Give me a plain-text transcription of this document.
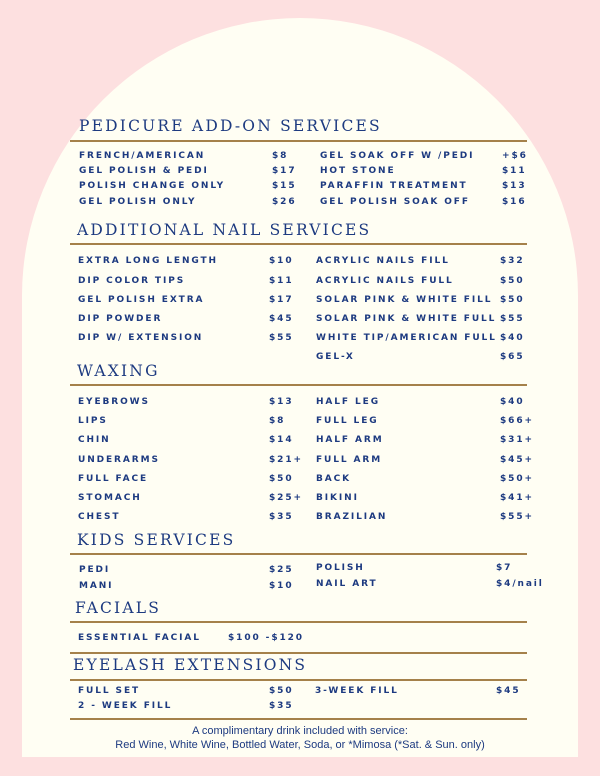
PEDICURE ADD-ON SERVICES
FRENCH/AMERICAN	$8	GEL SOAK OFF W /PEDI	+$6
GEL POLISH & PEDI	$17	HOT STONE	$11
POLISH CHANGE ONLY	$15	PARAFFIN TREATMENT	$13
GEL POLISH ONLY	$26	GEL POLISH SOAK OFF	$16
ADDITIONAL NAIL SERVICES
EXTRA LONG LENGTH	$10	ACRYLIC NAILS FILL	$32
DIP COLOR TIPS	$11	ACRYLIC NAILS FULL	$50
GEL POLISH EXTRA	$17	SOLAR PINK & WHITE FILL $50
DIP POWDER	$45	SOLAR PINK & WHITE FULL $55
DIP W/ EXTENSION	$55	WHITE TIP/AMERICAN FULL $40
GEL-X	$65
WAXING
EYEBROWS	$13	HALF LEG	$40
LIPS	$8	FULL LEG	$66+
CHIN	$14	HALF ARM	$31+
UNDERARMS	$21+ FULL ARM	$45+
FULL FACE	$50	BACK	$50+
STOMACH	$25+ BIKINI	$41+
CHEST	$35	BRAZILIAN	$55+
KIDS SERVICES
PEDI	$25	POLISH	$7
MANI	$10	NAIL ART	$4/nail
FACIALS
ESSENTIAL FACIAL	$100 -$120
EYELASH EXTENSIONS
FULL SET	$50 3-WEEK FILL	$45
2 - WEEK FILL	$35
A complimentary drink included with service:
Red Wine, White Wine, Bottled Water, Soda, or *Mimosa (*Sat. & Sun. only)
